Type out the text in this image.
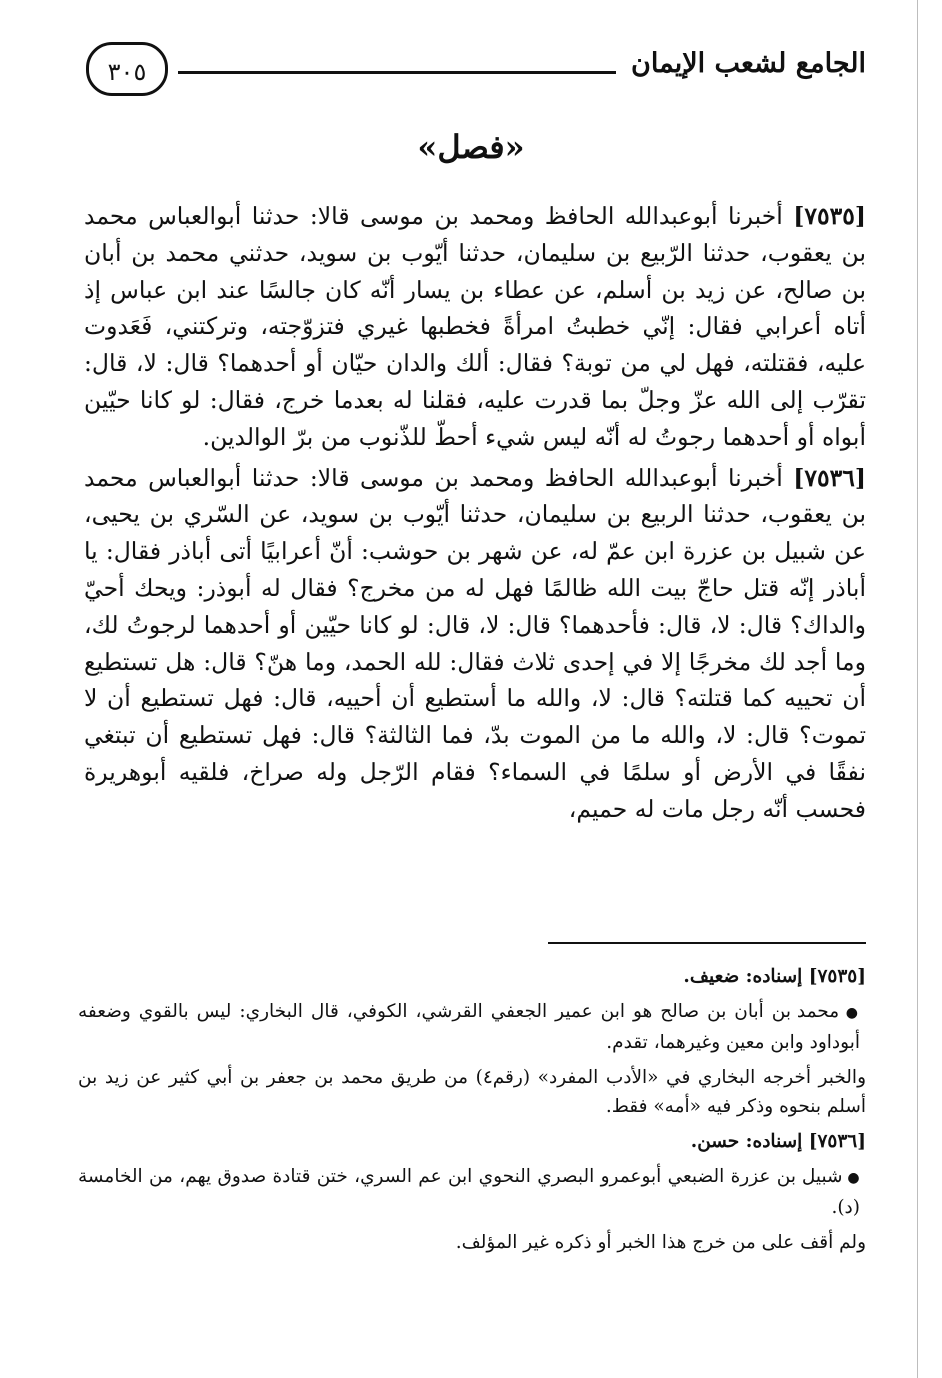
الجامع لشعب الإيمان
٣٠٥
«فصل»

[٧٥٣٥] أخبرنا أبوعبدالله الحافظ ومحمد بن موسى قالا: حدثنا أبوالعباس محمد بن يعقوب، حدثنا الرّبيع بن سليمان، حدثنا أيّوب بن سويد، حدثني محمد بن أبان بن صالح، عن زيد بن أسلم، عن عطاء بن يسار أنّه كان جالسًا عند ابن عباس إذ أتاه أعرابي فقال: إنّي خطبتُ امرأةً فخطبها غيري فتزوّجته، وتركتني، فَعَدوت عليه، فقتلته، فهل لي من توبة؟ فقال: ألك والدان حيّان أو أحدهما؟ قال: لا، قال: تقرّب إلى الله عزّ وجلّ بما قدرت عليه، فقلنا له بعدما خرج، فقال: لو كانا حيّين أبواه أو أحدهما رجوتُ له أنّه ليس شيء أحطّ للذّنوب من برّ الوالدين.

[٧٥٣٦] أخبرنا أبوعبدالله الحافظ ومحمد بن موسى قالا: حدثنا أبوالعباس محمد بن يعقوب، حدثنا الربيع بن سليمان، حدثنا أيّوب بن سويد، عن السّري بن يحيى، عن شبيل بن عزرة ابن عمّ له، عن شهر بن حوشب: أنّ أعرابيًا أتى أباذر فقال: يا أباذر إنّه قتل حاجّ بيت الله ظالمًا فهل له من مخرج؟ فقال له أبوذر: ويحك أحيّ والداك؟ قال: لا، قال: فأحدهما؟ قال: لا، قال: لو كانا حيّين أو أحدهما لرجوتُ لك، وما أجد لك مخرجًا إلا في إحدى ثلاث فقال: لله الحمد، وما هنّ؟ قال: هل تستطيع أن تحييه كما قتلته؟ قال: لا، والله ما أستطيع أن أحييه، قال: فهل تستطيع أن لا تموت؟ قال: لا، والله ما من الموت بدّ، فما الثالثة؟ قال: فهل تستطيع أن تبتغي نفقًا في الأرض أو سلمًا في السماء؟ فقام الرّجل وله صراخ، فلقيه أبوهريرة فحسب أنّه رجل مات له حميم،

[٧٥٣٥] إسناده: ضعيف.

● محمد بن أبان بن صالح هو ابن عمير الجعفي القرشي، الكوفي، قال البخاري: ليس بالقوي وضعفه أبوداود وابن معين وغيرهما، تقدم.

والخبر أخرجه البخاري في «الأدب المفرد» (رقم٤) من طريق محمد بن جعفر بن أبي كثير عن زيد بن أسلم بنحوه وذكر فيه «أمه» فقط.

[٧٥٣٦] إسناده: حسن.

● شبيل بن عزرة الضبعي أبوعمرو البصري النحوي ابن عم السري، ختن قتادة صدوق يهم، من الخامسة (د).

ولم أقف على من خرج هذا الخبر أو ذكره غير المؤلف.
